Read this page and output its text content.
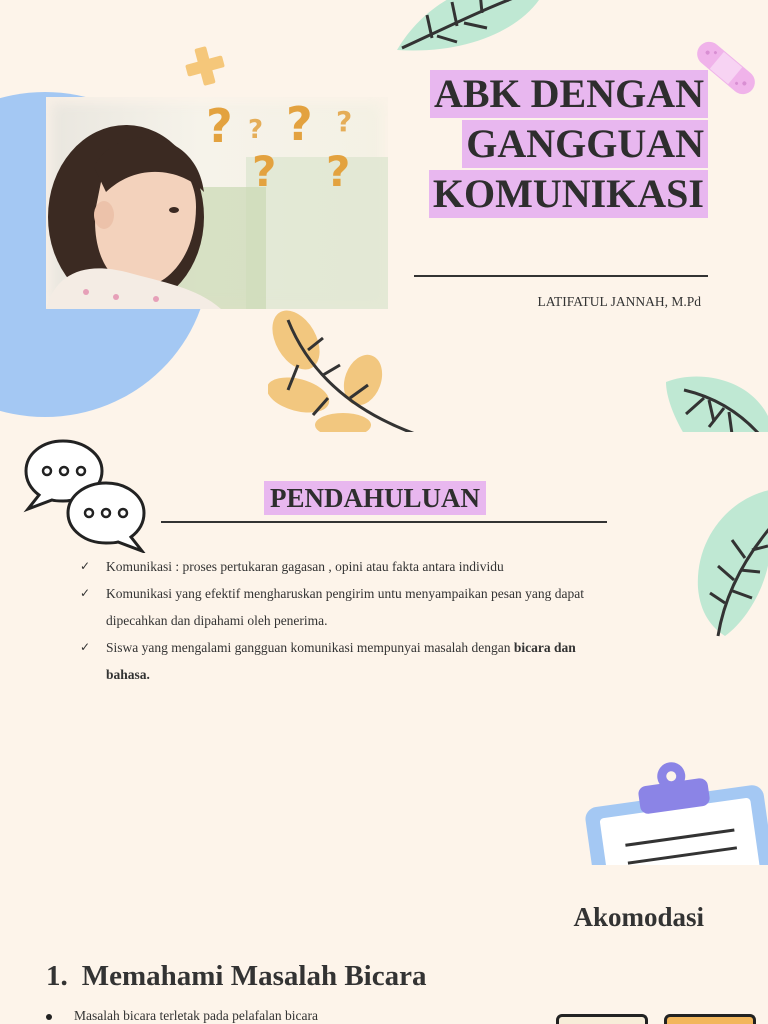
? ? ? ?
? ?
ABK DENGAN
GANGGUAN
KOMUNIKASI
LATIFATUL JANNAH, M.Pd
PENDAHULUAN
✓ Komunikasi : proses pertukaran gagasan , opini atau fakta antara individu
✓ Komunikasi yang efektif mengharuskan pengirim untu menyampaikan pesan yang dapat dipecahkan dan dipahami oleh penerima.
✓ Siswa yang mengalami gangguan komunikasi mempunyai masalah dengan bicara dan bahasa.
Akomodasi
1. Memahami Masalah Bicara
Masalah bicara terletak pada pelafalan bicara
